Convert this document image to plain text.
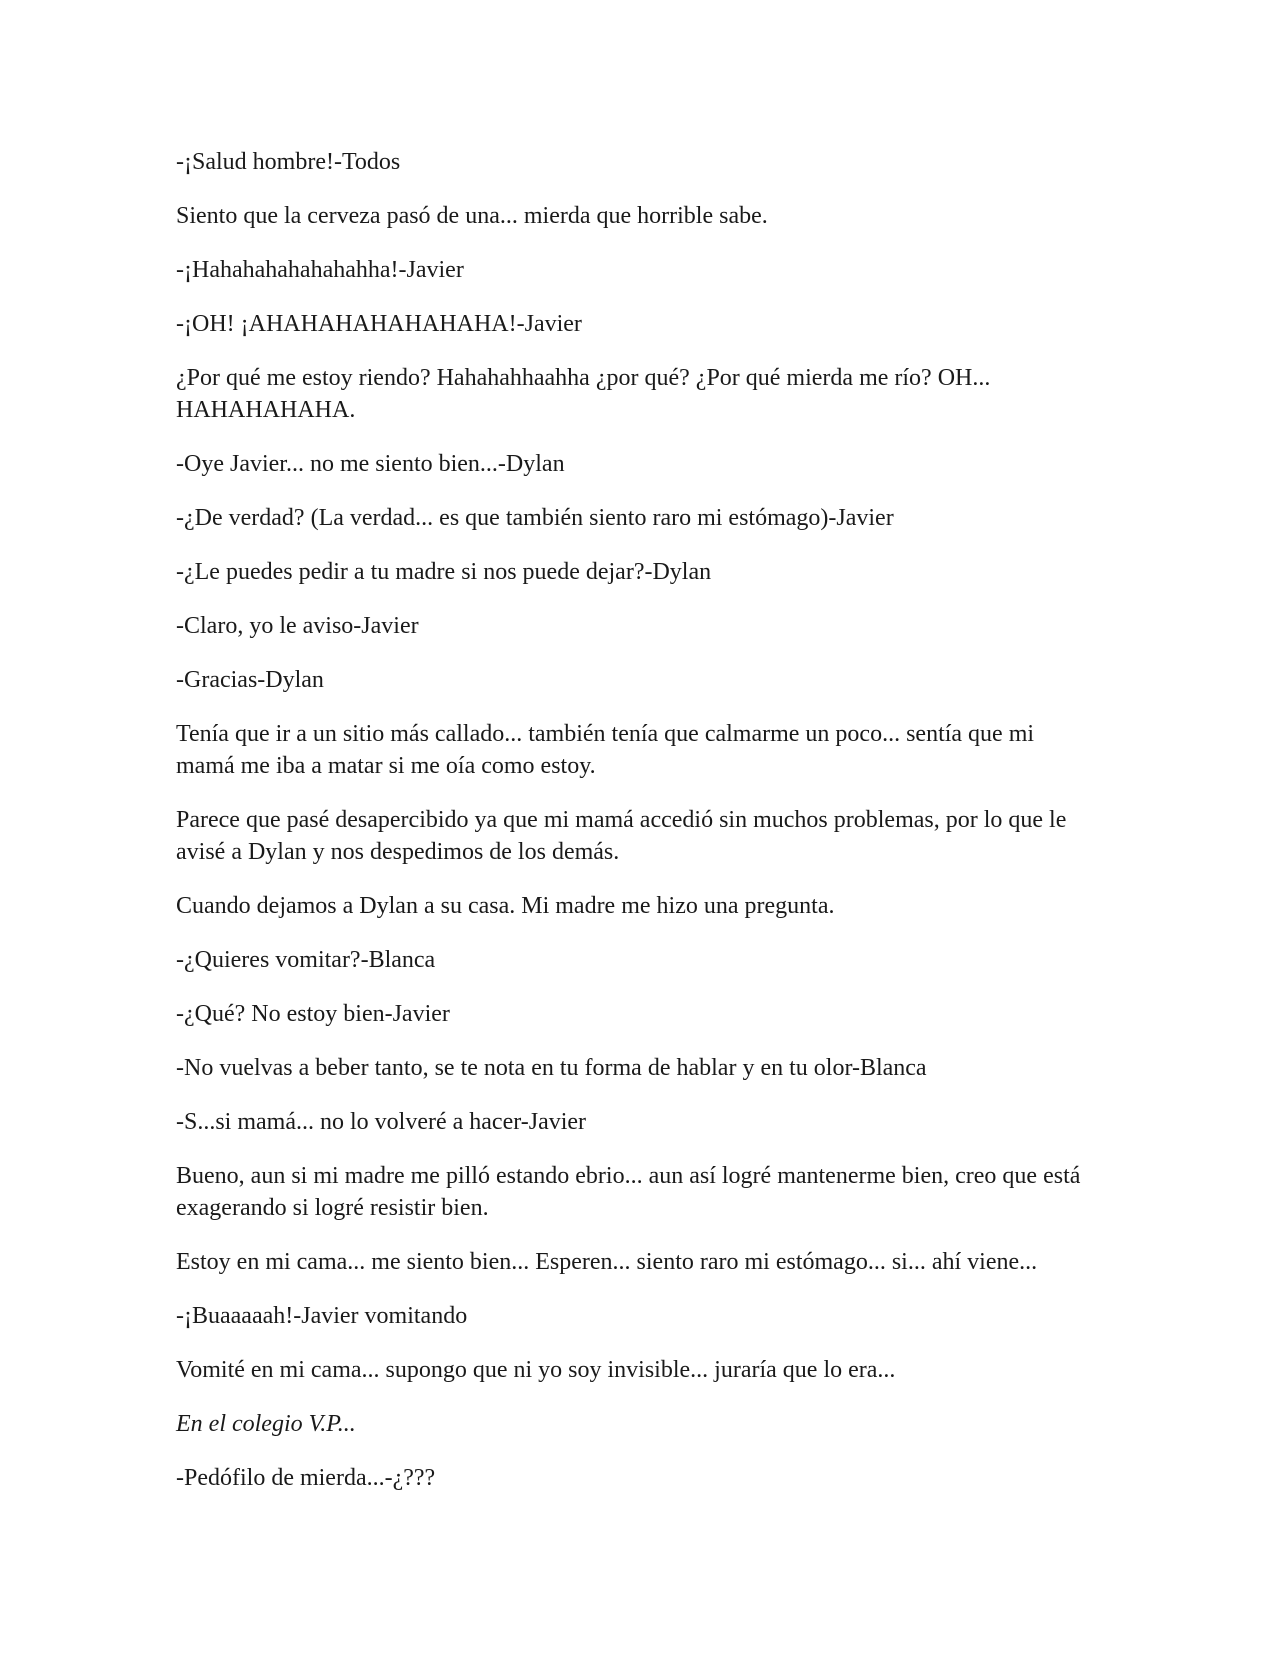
-¡Salud hombre!-Todos

Siento que la cerveza pasó de una... mierda que horrible sabe.

-¡Hahahahahahahahha!-Javier

-¡OH! ¡AHAHAHAHAHAHAHA!-Javier

¿Por qué me estoy riendo? Hahahahhaahha ¿por qué? ¿Por qué mierda me río? OH... HAHAHAHAHA.

-Oye Javier... no me siento bien...-Dylan

-¿De verdad? (La verdad... es que también siento raro mi estómago)-Javier

-¿Le puedes pedir a tu madre si nos puede dejar?-Dylan

-Claro, yo le aviso-Javier

-Gracias-Dylan

Tenía que ir a un sitio más callado... también tenía que calmarme un poco... sentía que mi mamá me iba a matar si me oía como estoy.

Parece que pasé desapercibido ya que mi mamá accedió sin muchos problemas, por lo que le avisé a Dylan y nos despedimos de los demás.

Cuando dejamos a Dylan a su casa. Mi madre me hizo una pregunta.

-¿Quieres vomitar?-Blanca

-¿Qué? No estoy bien-Javier

-No vuelvas a beber tanto, se te nota en tu forma de hablar y en tu olor-Blanca

-S...si mamá... no lo volveré a hacer-Javier

Bueno, aun si mi madre me pilló estando ebrio... aun así logré mantenerme bien, creo que está exagerando si logré resistir bien.

Estoy en mi cama... me siento bien... Esperen... siento raro mi estómago... si... ahí viene...

-¡Buaaaaah!-Javier vomitando

Vomité en mi cama... supongo que ni yo soy invisible... juraría que lo era...

En el colegio V.P...

-Pedófilo de mierda...-¿???
